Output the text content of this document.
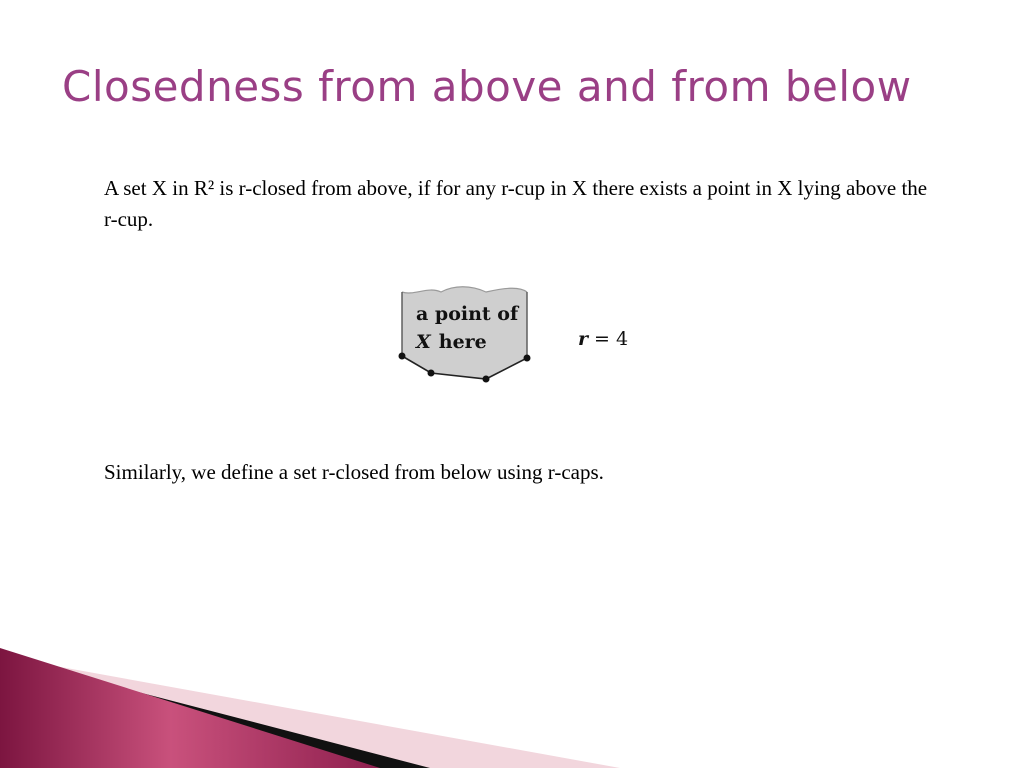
Closedness from above and from below

A set X in R² is r-closed from above, if for any r-cup in X there exists a point in X lying above the r-cup.

a point of
X here	r = 4

Similarly, we define a set r-closed from below using r-caps.
